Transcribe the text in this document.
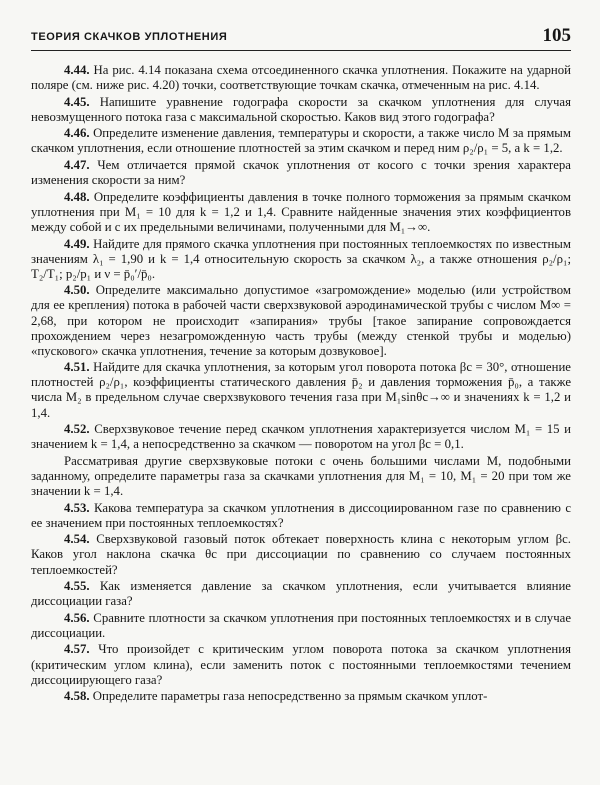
ТЕОРИЯ СКАЧКОВ УПЛОТНЕНИЯ	105

4.44. На рис. 4.14 показана схема отсоединенного скачка уплотнения. Покажите на ударной поляре (см. ниже рис. 4.20) точки, соответствующие точкам скачка, отмеченным на рис. 4.14.

4.45. Напишите уравнение годографа скорости за скачком уплотнения для случая невозмущенного потока газа с максимальной скоростью. Каков вид этого годографа?

4.46. Определите изменение давления, температуры и скорости, а также число M за прямым скачком уплотнения, если отношение плотностей за этим скачком и перед ним ρ₂/ρ₁ = 5, а k = 1,2.

4.47. Чем отличается прямой скачок уплотнения от косого с точки зрения характера изменения скорости за ним?

4.48. Определите коэффициенты давления в точке полного торможения за прямым скачком уплотнения при M₁ = 10 для k = 1,2 и 1,4. Сравните найденные значения этих коэффициентов между собой и с их предельными величинами, полученными для M₁→∞.

4.49. Найдите для прямого скачка уплотнения при постоянных теплоемкостях по известным значениям λ₁ = 1,90 и k = 1,4 относительную скорость за скачком λ₂, а также отношения ρ₂/ρ₁; T₂/T₁; p₂/p₁ и ν = p̄₀′/p̄₀.

4.50. Определите максимально допустимое «загромождение» моделью (или устройством для ее крепления) потока в рабочей части сверхзвуковой аэродинамической трубы с числом M∞ = 2,68, при котором не происходит «запирания» трубы [такое запирание сопровождается прохождением через незагроможденную часть трубы (между стенкой трубы и моделью) «пускового» скачка уплотнения, течение за которым дозвуковое].

4.51. Найдите для скачка уплотнения, за которым угол поворота потока βc = 30°, отношение плотностей ρ₂/ρ₁, коэффициенты статического давления p̄₂ и давления торможения p̄₀, а также числа M₂ в предельном случае сверхзвукового течения газа при M₁sinθc→∞ и значениях k = 1,2 и 1,4.

4.52. Сверхзвуковое течение перед скачком уплотнения характеризуется числом M₁ = 15 и значением k = 1,4, а непосредственно за скачком — поворотом на угол βc = 0,1.

Рассматривая другие сверхзвуковые потоки с очень большими числами M, подобными заданному, определите параметры газа за скачками уплотнения для M₁ = 10, M₁ = 20 при том же значении k = 1,4.

4.53. Какова температура за скачком уплотнения в диссоциированном газе по сравнению с ее значением при постоянных теплоемкостях?

4.54. Сверхзвуковой газовый поток обтекает поверхность клина с некоторым углом βc. Каков угол наклона скачка θc при диссоциации по сравнению со случаем постоянных теплоемкостей?

4.55. Как изменяется давление за скачком уплотнения, если учитывается влияние диссоциации газа?

4.56. Сравните плотности за скачком уплотнения при постоянных теплоемкостях и в случае диссоциации.

4.57. Что произойдет с критическим углом поворота потока за скачком уплотнения (критическим углом клина), если заменить поток с постоянными теплоемкостями течением диссоциирующего газа?

4.58. Определите параметры газа непосредственно за прямым скачком уплот-
